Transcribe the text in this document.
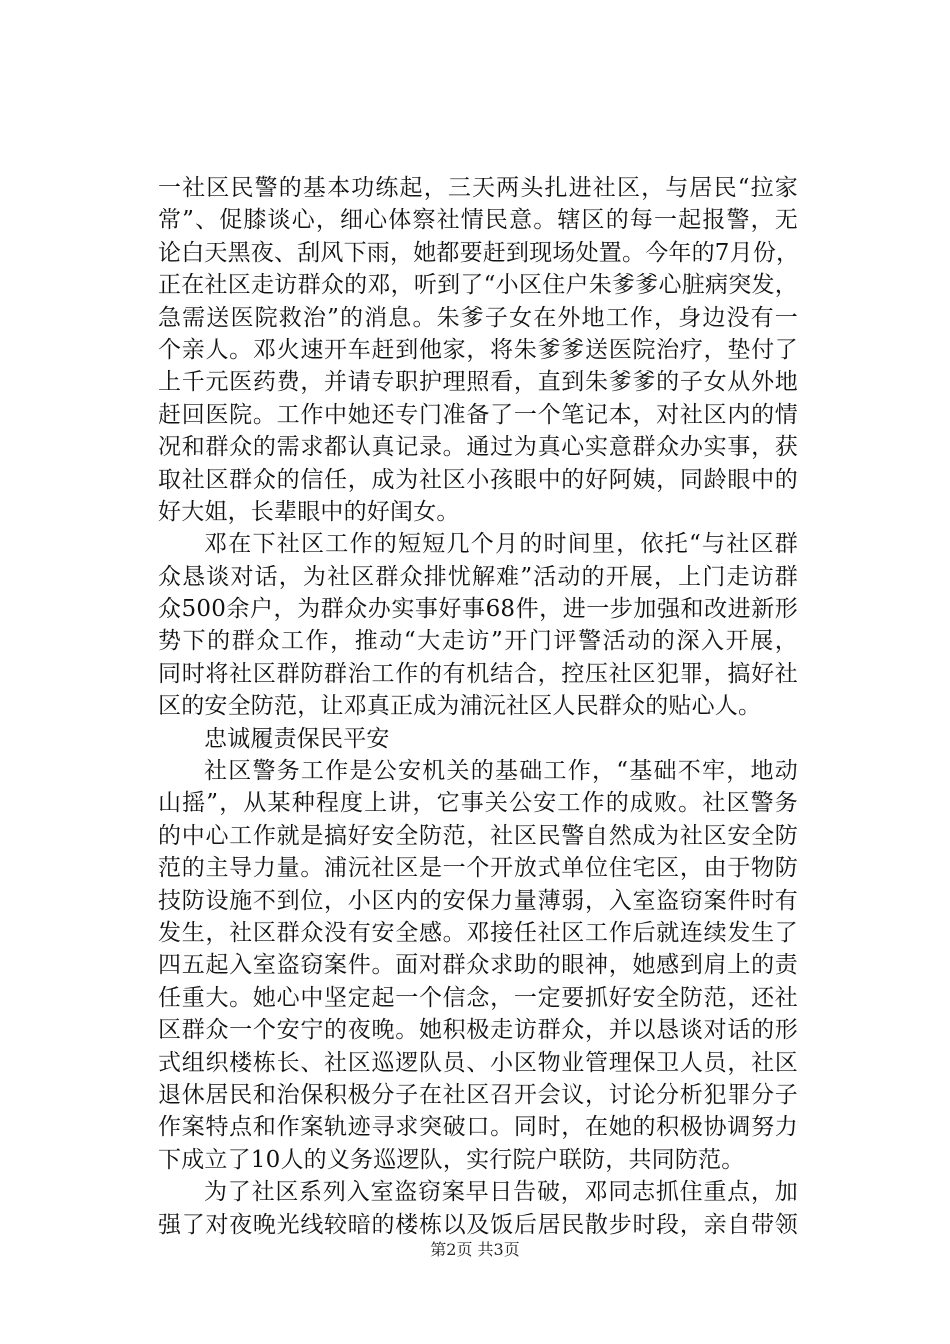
一社区民警的基本功练起，三天两头扎进社区，与居民“拉家
常”、促膝谈心，细心体察社情民意。辖区的每一起报警，无
论白天黑夜、刮风下雨，她都要赶到现场处置。今年的7月份，
正在社区走访群众的邓，听到了“小区住户朱爹爹心脏病突发，
急需送医院救治”的消息。朱爹子女在外地工作，身边没有一
个亲人。邓火速开车赶到他家，将朱爹爹送医院治疗，垫付了
上千元医药费，并请专职护理照看，直到朱爹爹的子女从外地
赶回医院。工作中她还专门准备了一个笔记本，对社区内的情
况和群众的需求都认真记录。通过为真心实意群众办实事，获
取社区群众的信任，成为社区小孩眼中的好阿姨，同龄眼中的
好大姐，长辈眼中的好闺女。
邓在下社区工作的短短几个月的时间里，依托“与社区群
众恳谈对话，为社区群众排忧解难”活动的开展，上门走访群
众500余户，为群众办实事好事68件，进一步加强和改进新形
势下的群众工作，推动“大走访”开门评警活动的深入开展，
同时将社区群防群治工作的有机结合，控压社区犯罪，搞好社
区的安全防范，让邓真正成为浦沅社区人民群众的贴心人。
忠诚履责保民平安
社区警务工作是公安机关的基础工作，“基础不牢，地动
山摇”，从某种程度上讲，它事关公安工作的成败。社区警务
的中心工作就是搞好安全防范，社区民警自然成为社区安全防
范的主导力量。浦沅社区是一个开放式单位住宅区，由于物防
技防设施不到位，小区内的安保力量薄弱，入室盗窃案件时有
发生，社区群众没有安全感。邓接任社区工作后就连续发生了
四五起入室盗窃案件。面对群众求助的眼神，她感到肩上的责
任重大。她心中坚定起一个信念，一定要抓好安全防范，还社
区群众一个安宁的夜晚。她积极走访群众，并以恳谈对话的形
式组织楼栋长、社区巡逻队员、小区物业管理保卫人员，社区
退休居民和治保积极分子在社区召开会议，讨论分析犯罪分子
作案特点和作案轨迹寻求突破口。同时，在她的积极协调努力
下成立了10人的义务巡逻队，实行院户联防，共同防范。
为了社区系列入室盗窃案早日告破，邓同志抓住重点，加
强了对夜晚光线较暗的楼栋以及饭后居民散步时段，亲自带领
第2页 共3页
